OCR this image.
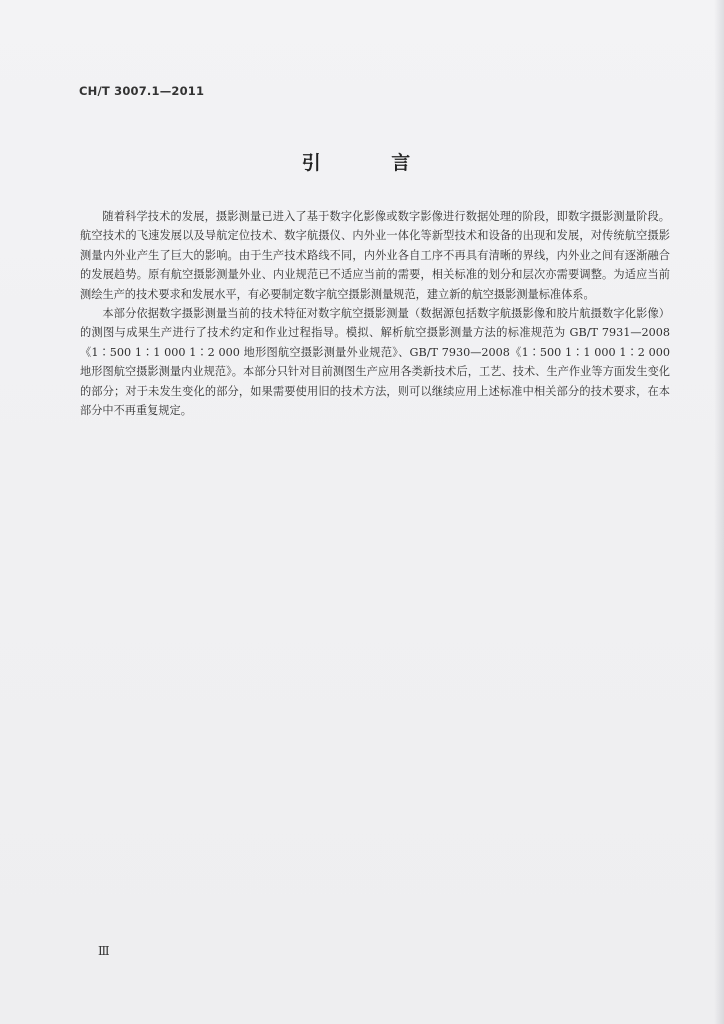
CH/T 3007.1—2011
引 言

随着科学技术的发展，摄影测量已进入了基于数字化影像或数字影像进行数据处理的阶段，即数字摄影测量阶段。航空技术的飞速发展以及导航定位技术、数字航摄仪、内外业一体化等新型技术和设备的出现和发展，对传统航空摄影测量内外业产生了巨大的影响。由于生产技术路线不同，内外业各自工序不再具有清晰的界线，内外业之间有逐渐融合的发展趋势。原有航空摄影测量外业、内业规范已不适应当前的需要，相关标准的划分和层次亦需要调整。为适应当前测绘生产的技术要求和发展水平，有必要制定数字航空摄影测量规范，建立新的航空摄影测量标准体系。

本部分依据数字摄影测量当前的技术特征对数字航空摄影测量（数据源包括数字航摄影像和胶片航摄数字化影像）的测图与成果生产进行了技术约定和作业过程指导。模拟、解析航空摄影测量方法的标准规范为 GB/T 7931—2008《1∶500 1∶1 000 1∶2 000 地形图航空摄影测量外业规范》、GB/T 7930—2008《1∶500 1∶1 000 1∶2 000 地形图航空摄影测量内业规范》。本部分只针对目前测图生产应用各类新技术后，工艺、技术、生产作业等方面发生变化的部分；对于未发生变化的部分，如果需要使用旧的技术方法，则可以继续应用上述标准中相关部分的技术要求，在本部分中不再重复规定。

Ⅲ
